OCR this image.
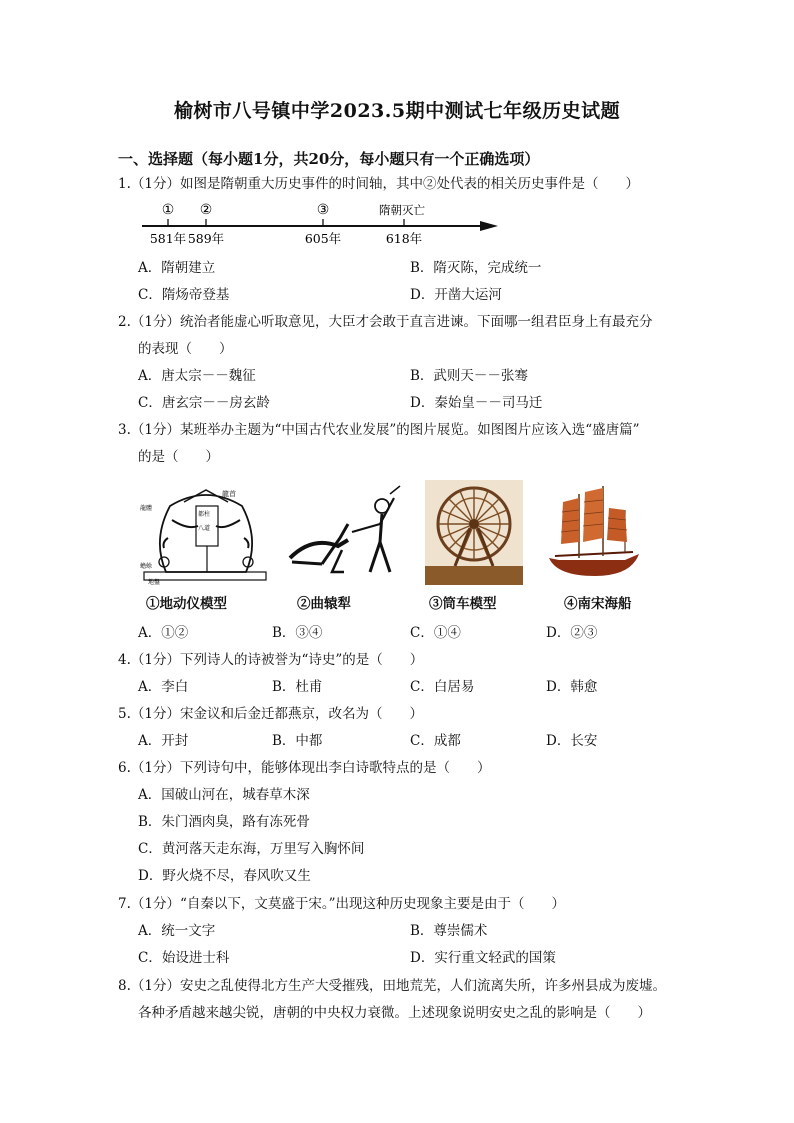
榆树市八号镇中学2023.5期中测试七年级历史试题
一、选择题（每小题1分，共20分，每小题只有一个正确选项）
1.（1分）如图是隋朝重大历史事件的时间轴，其中②处代表的相关历史事件是（　　）
① ②	③	隋朝灭亡
581年 589年	605年	618年
A．隋朝建立	B．隋灭陈，完成统一
C．隋炀帝登基	D．开凿大运河
2.（1分）统治者能虚心听取意见，大臣才会敢于直言进谏。下面哪一组君臣身上有最充分
的表现（　　）
A．唐太宗－－魏征	B．武则天－－张骞
C．唐玄宗－－房玄龄	D．秦始皇－－司马迁
3.（1分）某班举办主题为“中国古代农业发展”的图片展览。如图图片应该入选“盛唐篇”
的是（　　）
龍首
都柱
八道
龍體
蟾蜍
地盤
①地动仪模型	②曲辕犁	③筒车模型	④南宋海船
A．①②	B．③④	C．①④	D．②③
4.（1分）下列诗人的诗被誉为“诗史”的是（　　）
A．李白	B．杜甫	C．白居易	D．韩愈
5.（1分）宋金议和后金迁都燕京，改名为（　　）
A．开封	B．中都	C．成都	D．长安
6.（1分）下列诗句中，能够体现出李白诗歌特点的是（　　）
A．国破山河在，城春草木深
B．朱门酒肉臭，路有冻死骨
C．黄河落天走东海，万里写入胸怀间
D．野火烧不尽，春风吹又生
7.（1分）“自秦以下，文莫盛于宋。”出现这种历史现象主要是由于（　　）
A．统一文字	B．尊崇儒术
C．始设进士科	D．实行重文轻武的国策
8.（1分）安史之乱使得北方生产大受摧残，田地荒芜，人们流离失所，许多州县成为废墟。
各种矛盾越来越尖锐，唐朝的中央权力衰微。上述现象说明安史之乱的影响是（　　）
